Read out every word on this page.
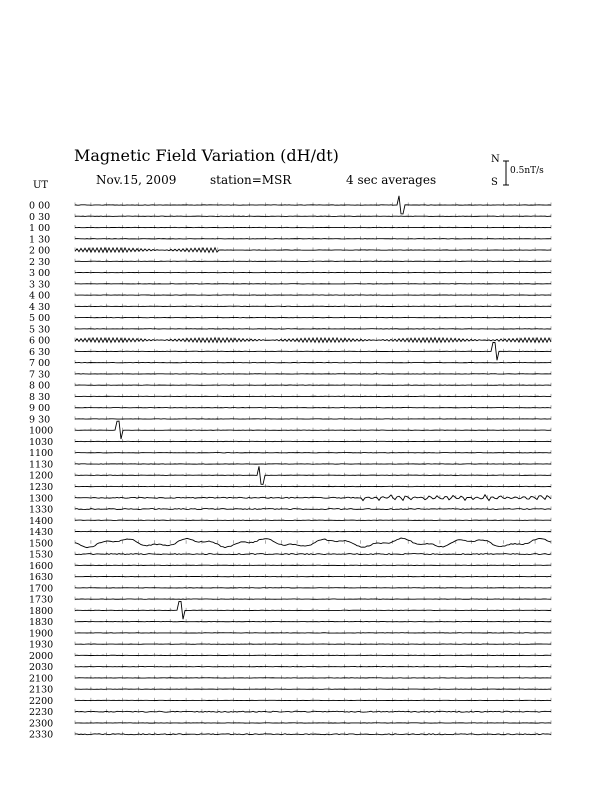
Magnetic Field Variation (dH/dt)
Nov.15, 2009	station=MSR	4 sec averages
UT
N
S
0.5nT/s
0 00
0 30
1 00
1 30
2 00
2 30
3 00
3 30
4 00
4 30
5 00
5 30
6 00
6 30
7 00
7 30
8 00
8 30
9 00
9 30
1000
1030
1100
1130
1200
1230
1300
1330
1400
1430
1500
1530
1600
1630
1700
1730
1800
1830
1900
1930
2000
2030
2100
2130
2200
2230
2300
2330
